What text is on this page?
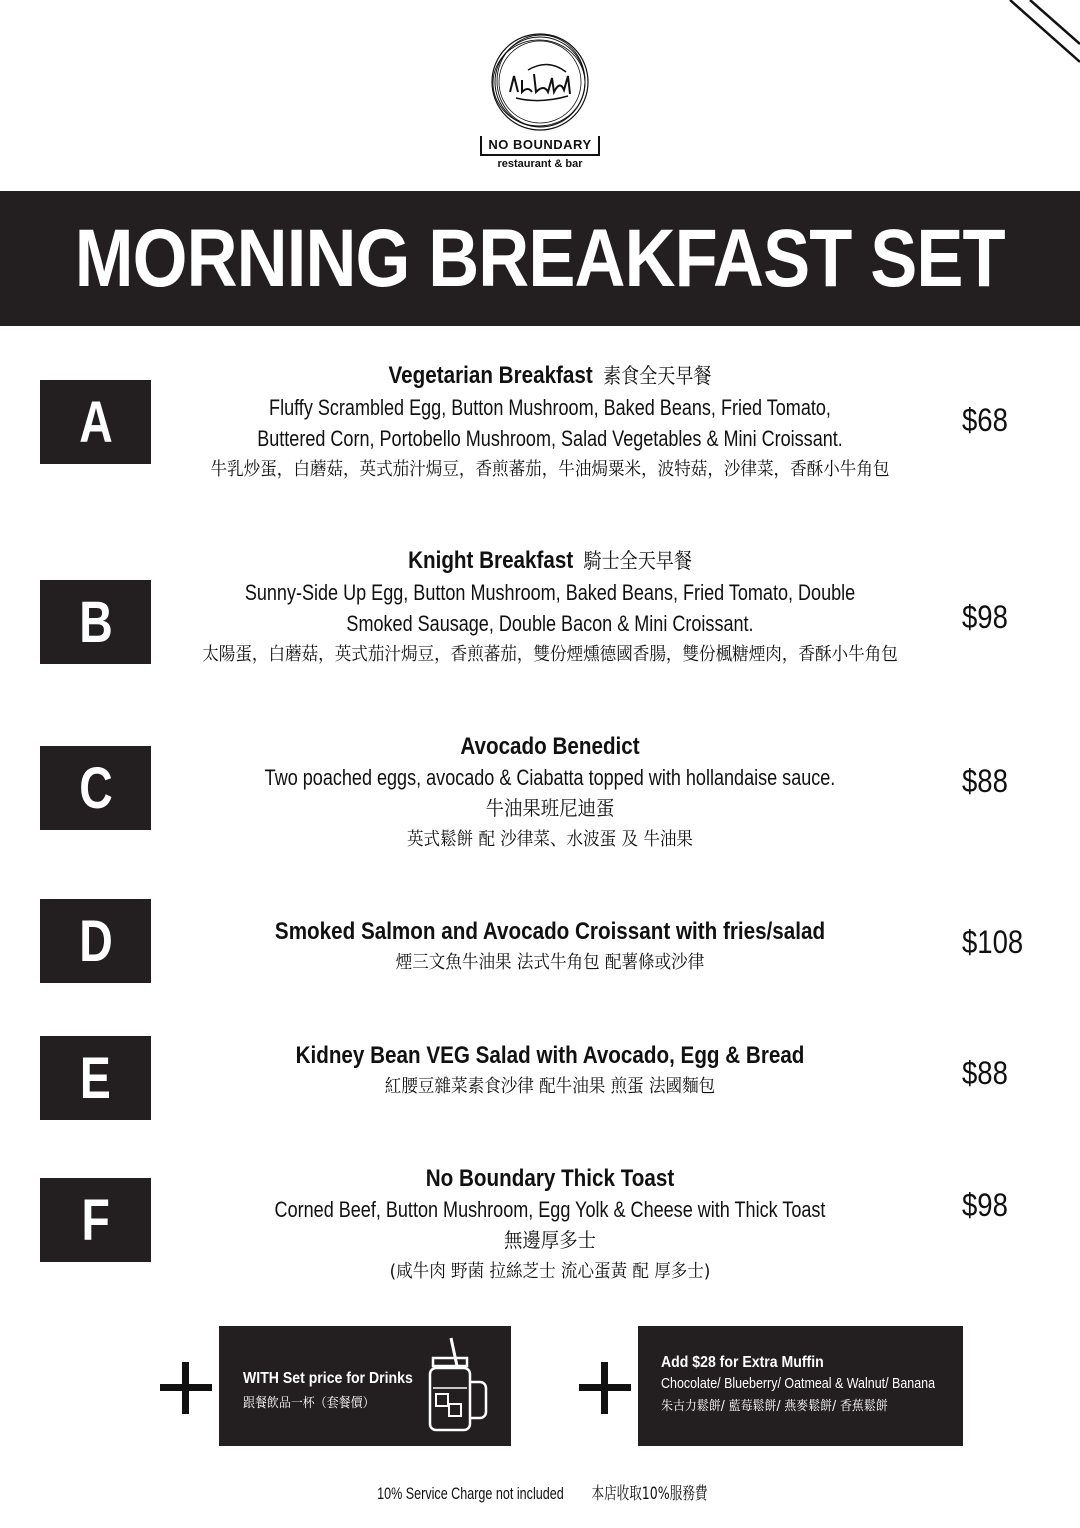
NO BOUNDARY
restaurant & bar
MORNING BREAKFAST SET
A
Vegetarian Breakfast 素食全天早餐
Fluffy Scrambled Egg, Button Mushroom, Baked Beans, Fried Tomato,
Buttered Corn, Portobello Mushroom, Salad Vegetables & Mini Croissant.
牛乳炒蛋，白蘑菇，英式茄汁焗豆，香煎蕃茄，牛油焗粟米，波特菇，沙律菜，香酥小牛角包
$68
B
Knight Breakfast 騎士全天早餐
Sunny-Side Up Egg, Button Mushroom, Baked Beans, Fried Tomato, Double
Smoked Sausage, Double Bacon & Mini Croissant.
太陽蛋，白蘑菇，英式茄汁焗豆，香煎蕃茄，雙份煙燻德國香腸，雙份楓糖煙肉，香酥小牛角包
$98
C
Avocado Benedict
Two poached eggs, avocado & Ciabatta topped with hollandaise sauce.
牛油果班尼迪蛋
英式鬆餅 配 沙律菜、水波蛋 及 牛油果
$88
D	Smoked Salmon and Avocado Croissant with fries/salad
煙三文魚牛油果 法式牛角包 配薯條或沙律
$108
E	Kidney Bean VEG Salad with Avocado, Egg & Bread
紅腰豆雜菜素食沙律 配牛油果 煎蛋 法國麵包	$88
F
No Boundary Thick Toast
Corned Beef, Button Mushroom, Egg Yolk & Cheese with Thick Toast
無邊厚多士
(咸牛肉 野菌 拉絲芝士 流心蛋黃 配 厚多士)
$98
WITH Set price for Drinks
跟餐飲品一杯（套餐價）
Add $28 for Extra Muffin
Chocolate/ Blueberry/ Oatmeal & Walnut/ Banana
朱古力鬆餅/ 藍莓鬆餅/ 燕麥鬆餅/ 香蕉鬆餅
10% Service Charge not included 本店收取10%服務費
